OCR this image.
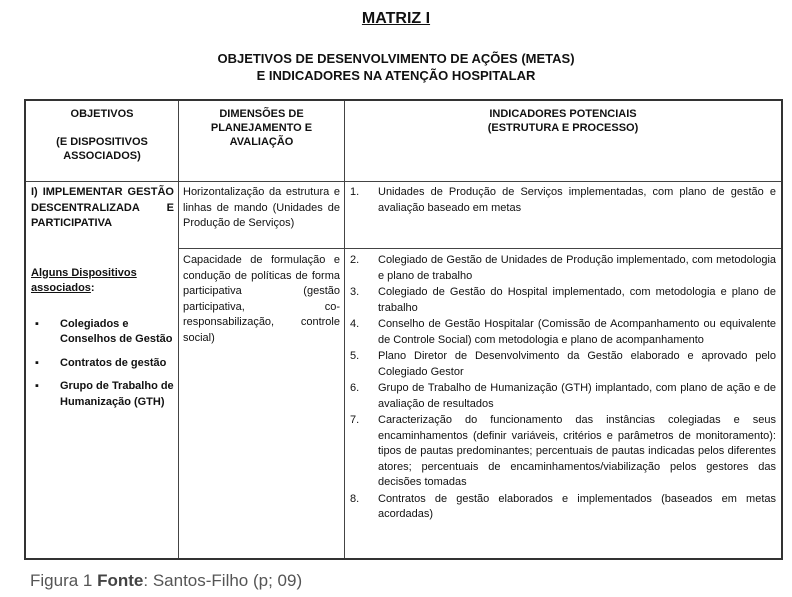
MATRIZ I
OBJETIVOS DE DESENVOLVIMENTO DE AÇÕES (METAS)
E INDICADORES NA ATENÇÃO HOSPITALAR
OBJETIVOS
(E DISPOSITIVOS
ASSOCIADOS)
DIMENSÕES DE
PLANEJAMENTO E
AVALIAÇÃO
INDICADORES POTENCIAIS
(ESTRUTURA E PROCESSO)
I) IMPLEMENTAR GESTÃO DESCENTRALIZADA E PARTICIPATIVA
Alguns Dispositivos associados:
▪ Colegiados e Conselhos de Gestão
▪ Contratos de gestão
▪ Grupo de Trabalho de Humanização (GTH)
Horizontalização da estrutura e linhas de mando (Unidades de Produção de Serviços)
Capacidade de formulação e condução de políticas de forma participativa (gestão participativa, co-responsabilização, controle social)
1. Unidades de Produção de Serviços implementadas, com plano de gestão e avaliação baseado em metas
2. Colegiado de Gestão de Unidades de Produção implementado, com metodologia e plano de trabalho
3. Colegiado de Gestão do Hospital implementado, com metodologia e plano de trabalho
4. Conselho de Gestão Hospitalar (Comissão de Acompanhamento ou equivalente de Controle Social) com metodologia e plano de acompanhamento
5. Plano Diretor de Desenvolvimento da Gestão elaborado e aprovado pelo Colegiado Gestor
6. Grupo de Trabalho de Humanização (GTH) implantado, com plano de ação e de avaliação de resultados
7. Caracterização do funcionamento das instâncias colegiadas e seus encaminhamentos (definir variáveis, critérios e parâmetros de monitoramento): tipos de pautas predominantes; percentuais de pautas indicadas pelos diferentes atores; percentuais de encaminhamentos/viabilização pelos gestores das decisões tomadas
8. Contratos de gestão elaborados e implementados (baseados em metas acordadas)
Figura 1 Fonte: Santos-Filho (p; 09)
